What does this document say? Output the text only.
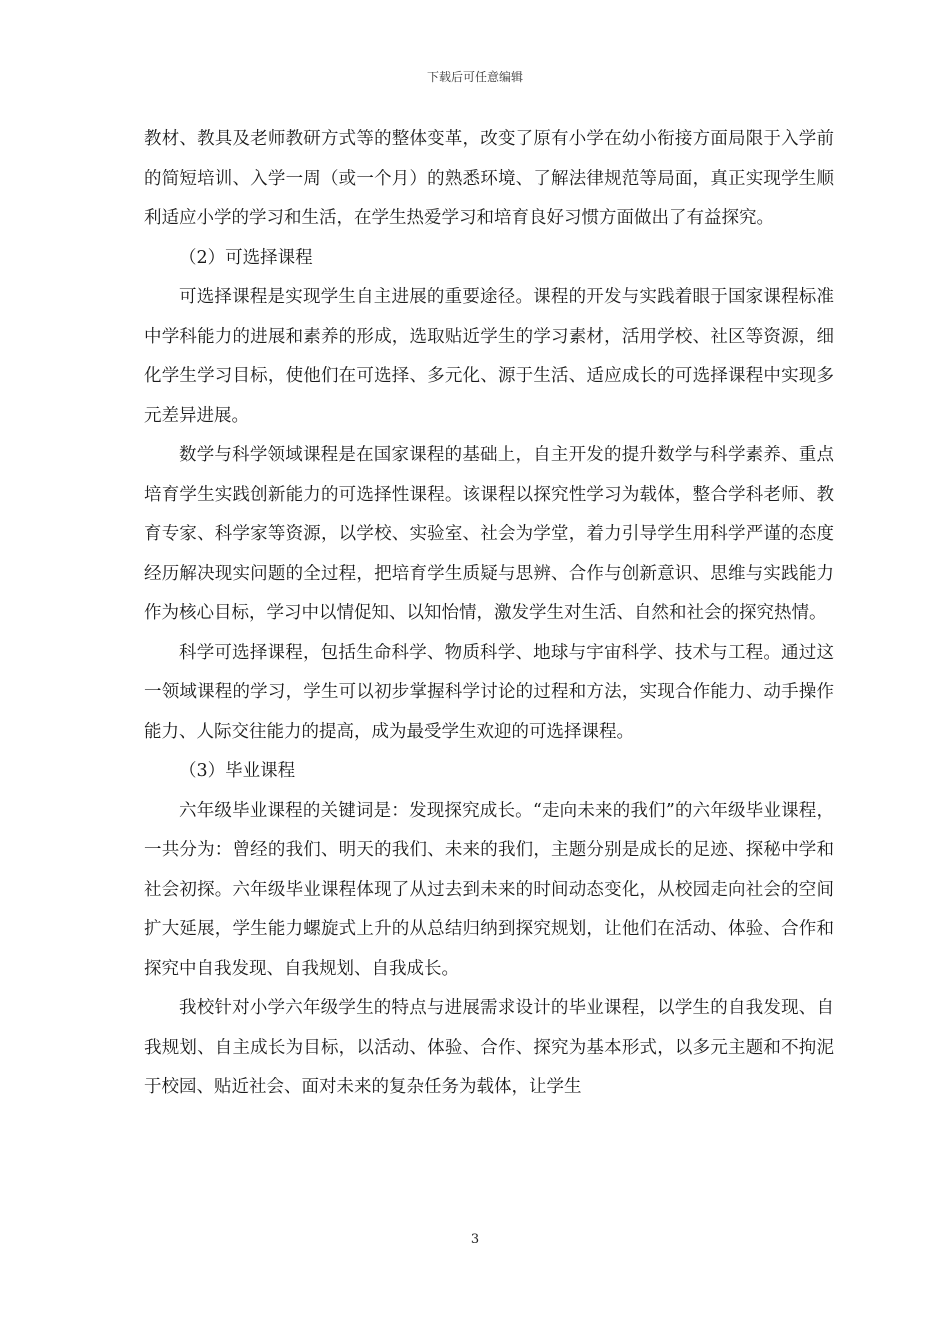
下载后可任意编辑

教材、教具及老师教研方式等的整体变革，改变了原有小学在幼小衔接方面局限于入学前的简短培训、入学一周（或一个月）的熟悉环境、了解法律规范等局面，真正实现学生顺利适应小学的学习和生活，在学生热爱学习和培育良好习惯方面做出了有益探究。

（2）可选择课程

可选择课程是实现学生自主进展的重要途径。课程的开发与实践着眼于国家课程标准中学科能力的进展和素养的形成，选取贴近学生的学习素材，活用学校、社区等资源，细化学生学习目标，使他们在可选择、多元化、源于生活、适应成长的可选择课程中实现多元差异进展。

数学与科学领域课程是在国家课程的基础上，自主开发的提升数学与科学素养、重点培育学生实践创新能力的可选择性课程。该课程以探究性学习为载体，整合学科老师、教育专家、科学家等资源，以学校、实验室、社会为学堂，着力引导学生用科学严谨的态度经历解决现实问题的全过程，把培育学生质疑与思辨、合作与创新意识、思维与实践能力作为核心目标，学习中以情促知、以知怡情，激发学生对生活、自然和社会的探究热情。

科学可选择课程，包括生命科学、物质科学、地球与宇宙科学、技术与工程。通过这一领域课程的学习，学生可以初步掌握科学讨论的过程和方法，实现合作能力、动手操作能力、人际交往能力的提高，成为最受学生欢迎的可选择课程。

（3）毕业课程

六年级毕业课程的关键词是：发现探究成长。“走向未来的我们”的六年级毕业课程，一共分为：曾经的我们、明天的我们、未来的我们，主题分别是成长的足迹、探秘中学和社会初探。六年级毕业课程体现了从过去到未来的时间动态变化，从校园走向社会的空间扩大延展，学生能力螺旋式上升的从总结归纳到探究规划，让他们在活动、体验、合作和探究中自我发现、自我规划、自我成长。

我校针对小学六年级学生的特点与进展需求设计的毕业课程，以学生的自我发现、自我规划、自主成长为目标，以活动、体验、合作、探究为基本形式，以多元主题和不拘泥于校园、贴近社会、面对未来的复杂任务为载体，让学生

3
